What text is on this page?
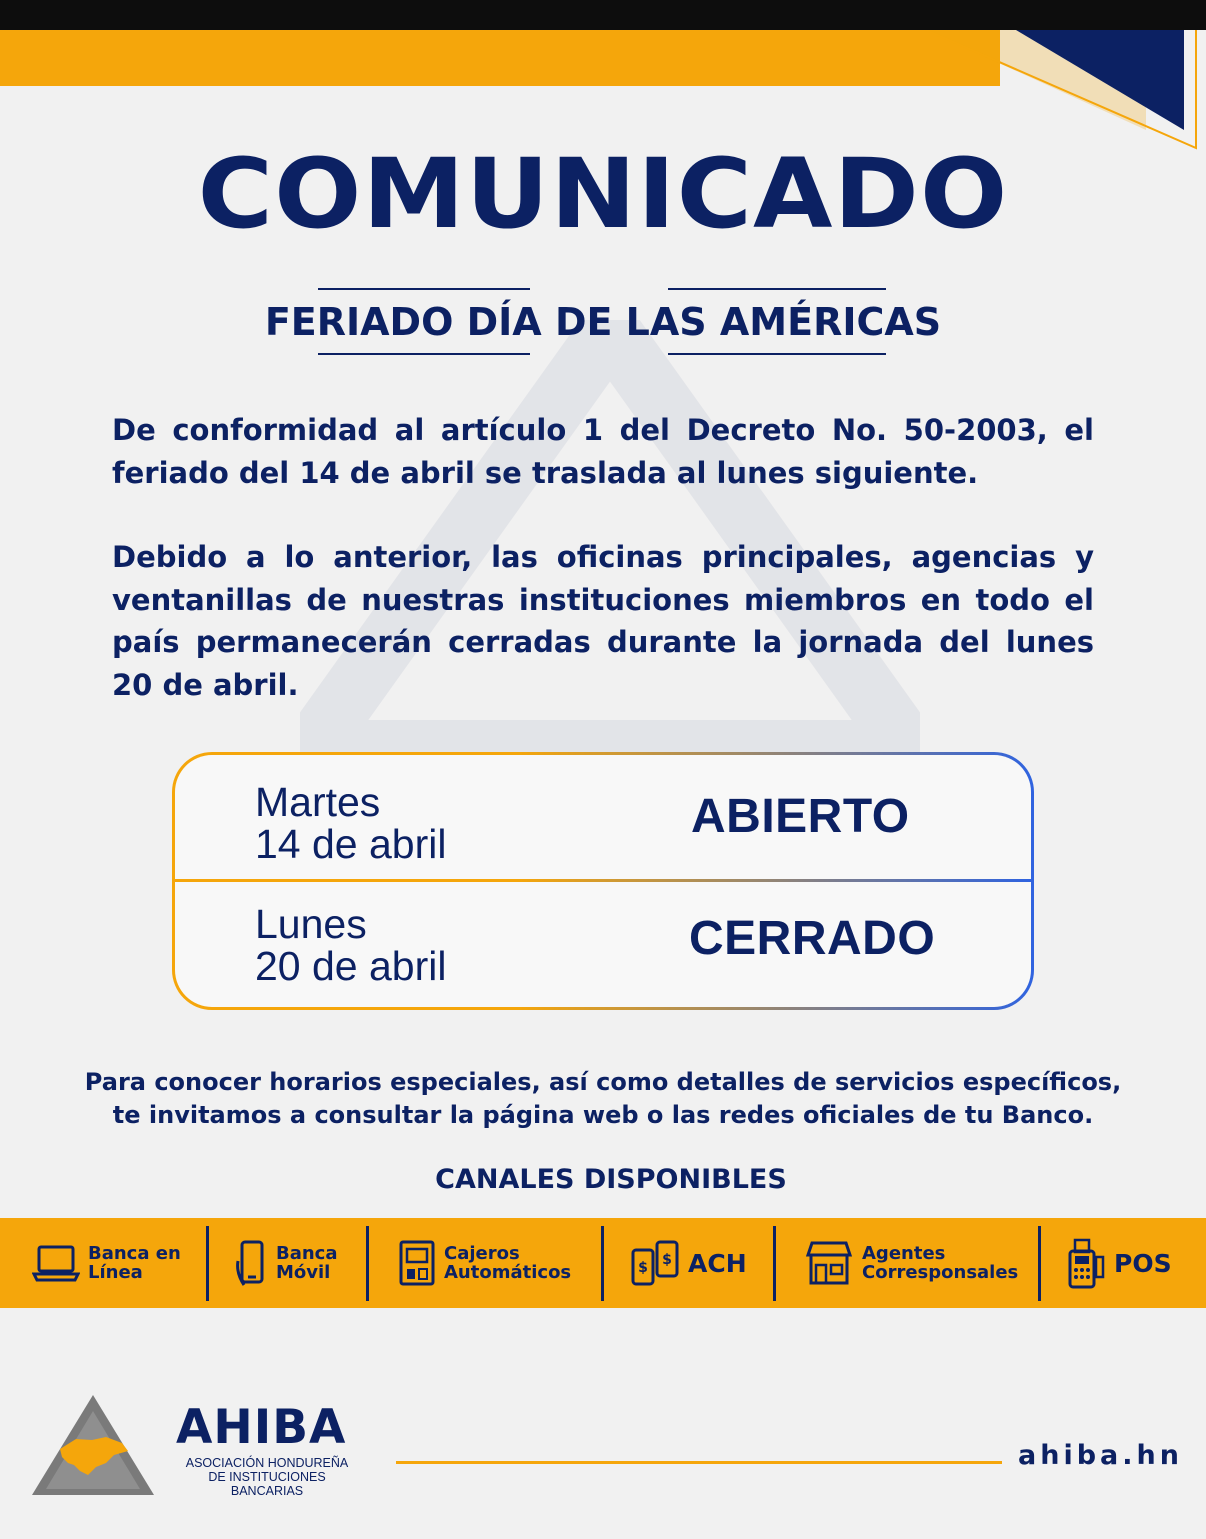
COMUNICADO
FERIADO DÍA DE LAS AMÉRICAS
De conformidad al artículo 1 del Decreto No. 50-2003, el feriado del 14 de abril se traslada al lunes siguiente.
Debido a lo anterior, las oficinas principales, agencias y ventanillas de nuestras instituciones miembros en todo el país permanecerán cerradas durante la jornada del lunes 20 de abril.
Martes
14 de abril
ABIERTO
Lunes
20 de abril
CERRADO
Para conocer horarios especiales, así como detalles de servicios específicos,
te invitamos a consultar la página web o las redes oficiales de tu Banco.
CANALES DISPONIBLES
Banca en
Línea
Banca
Móvil
Cajeros
Automáticos	$ $ ACH	Agentes
Corresponsales	POS
AHIBA
ASOCIACIÓN HONDUREÑA
DE INSTITUCIONES BANCARIAS
ahiba.hn
